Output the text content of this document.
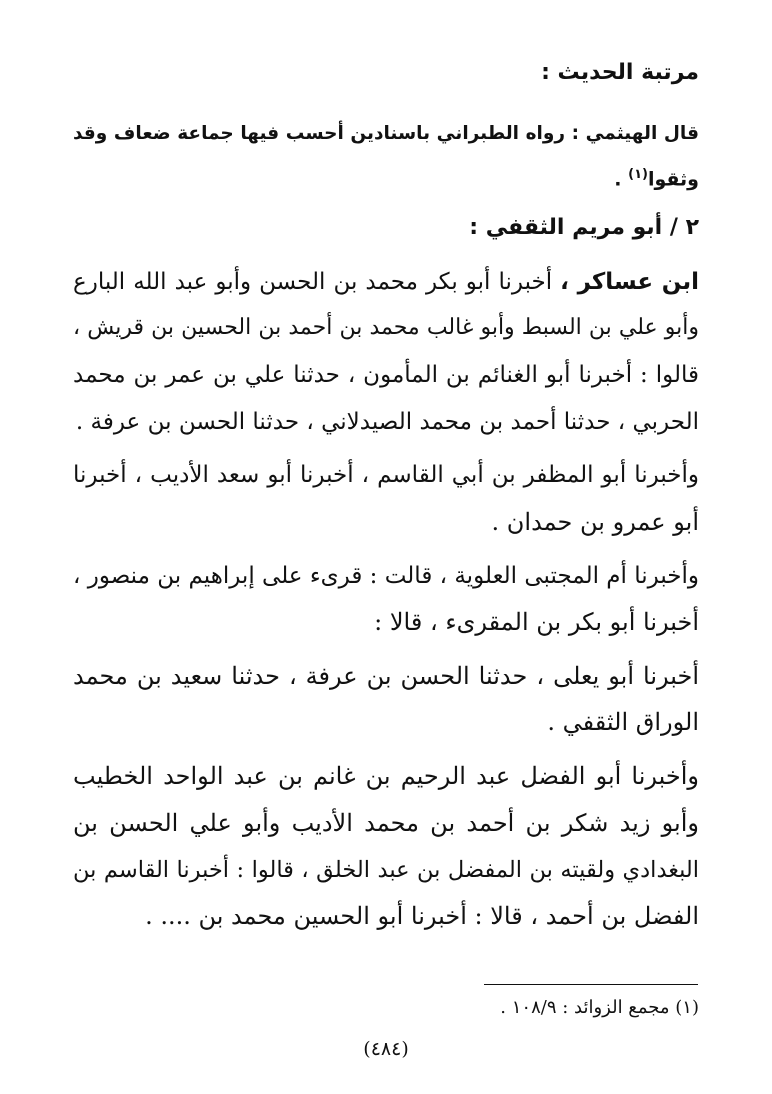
مرتبة الحديث :
قال الهيثمي : رواه الطبراني باسنادين أحسب فيها جماعة ضعاف وقد
وثقوا$^{(١)}$ .
٢ / أبو مريم الثقفي :
ابن عساكر ، أخبرنا أبو بكر محمد بن الحسن وأبو عبد الله البارع
وأبو علي بن السبط وأبو غالب محمد بن أحمد بن الحسين بن قريش ،
قالوا : أخبرنا أبو الغنائم بن المأمون ، حدثنا علي بن عمر بن محمد
الحربي ، حدثنا أحمد بن محمد الصيدلاني ، حدثنا الحسن بن عرفة .
وأخبرنا أبو المظفر بن أبي القاسم ، أخبرنا أبو سعد الأديب ، أخبرنا
أبو عمرو بن حمدان .
وأخبرنا أم المجتبى العلوية ، قالت : قرىء على إبراهيم بن منصور ،
أخبرنا أبو بكر بن المقرىء ، قالا :
أخبرنا أبو يعلى ، حدثنا الحسن بن عرفة ، حدثنا سعيد بن محمد
الوراق الثقفي .
وأخبرنا أبو الفضل عبد الرحيم بن غانم بن عبد الواحد الخطيب
وأبو زيد شكر بن أحمد بن محمد الأديب وأبو علي الحسن بن
البغدادي ولقيته بن المفضل بن عبد الخلق ، قالوا : أخبرنا القاسم بن
الفضل بن أحمد ، قالا : أخبرنا أبو الحسين محمد بن .... .
(١) مجمع الزوائد : ١٠٨/٩ .
(٤٨٤)
